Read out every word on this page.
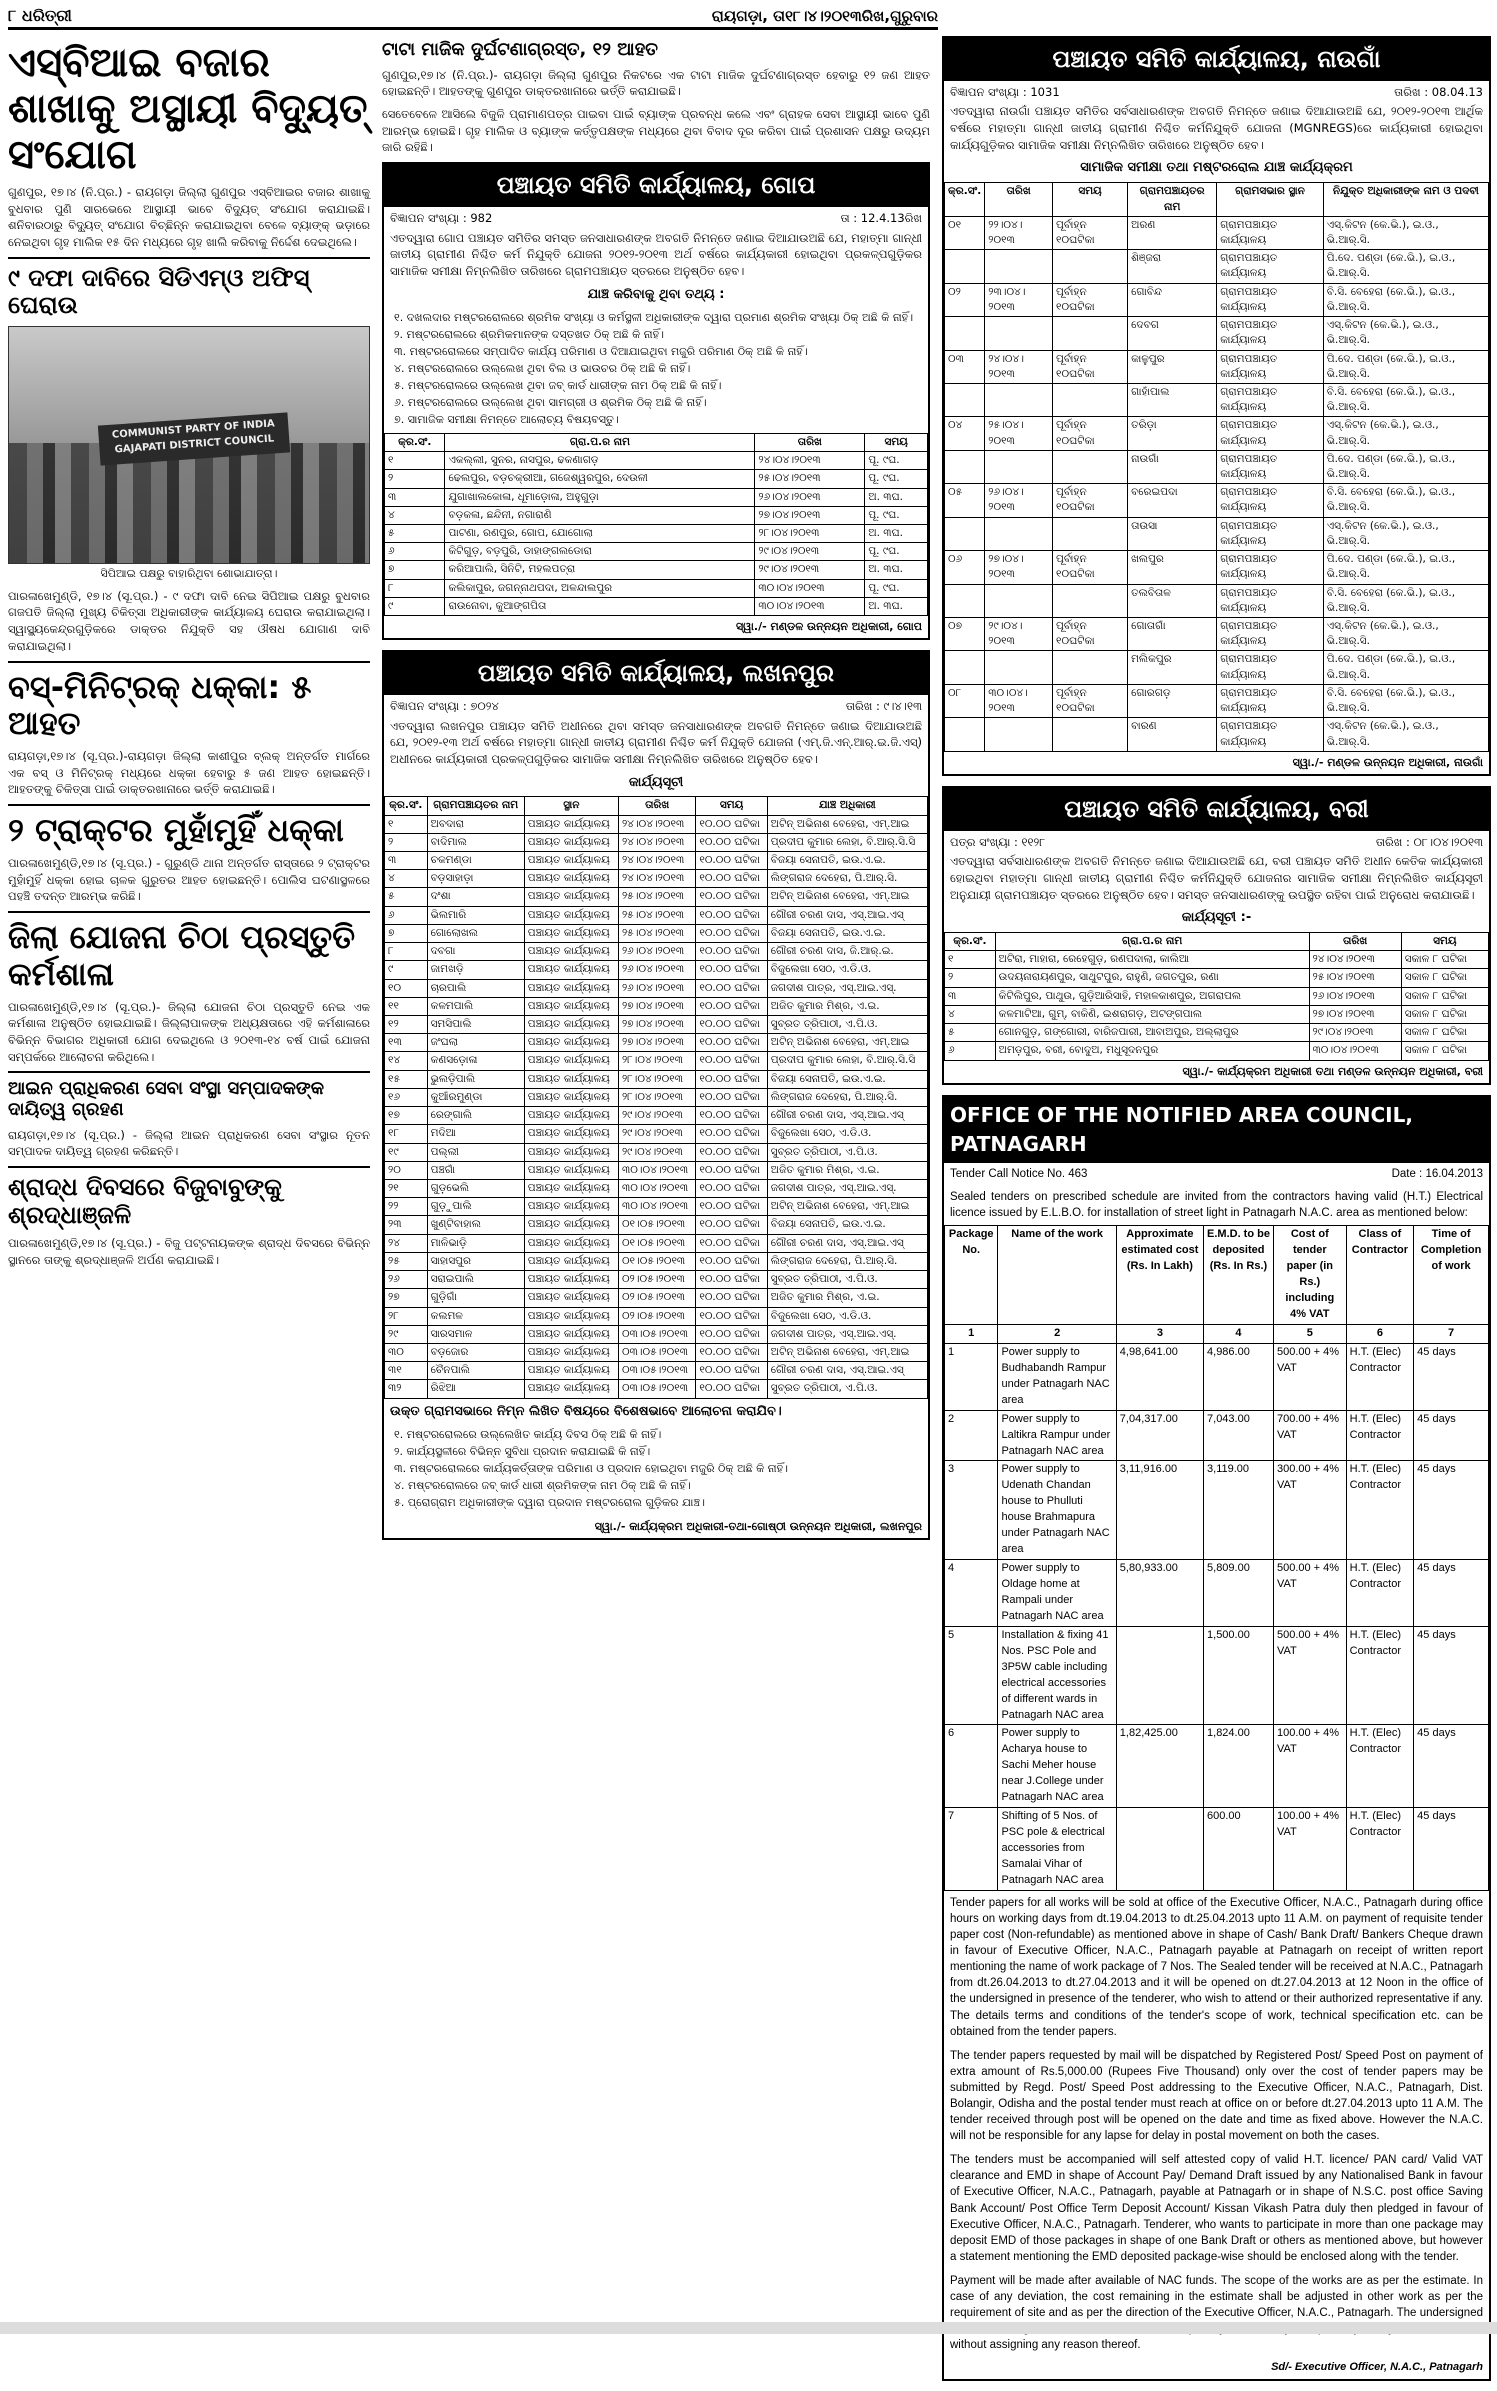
୮ ଧରିତ୍ରୀ	ରାୟଗଡ଼ା, ତା୧୮।୪।୨୦୧୩ରିଖ,ଗୁରୁବାର
ଏସ୍‌ବିଆଇ ବଜାର ଶାଖାକୁ ଅସ୍ଥାୟୀ ବିଦ୍ୟୁତ୍ ସଂଯୋଗ
ଗୁଣପୁର, ୧୭।୪ (ନି.ପ୍ର.) - ରାୟଗଡ଼ା ଜିଲ୍ଲା ଗୁଣପୁର ଏସ୍‌ବିଆଇର ବଜାର ଶାଖାକୁ ବୁଧବାର ପୁଣି ସାରଭେରେ ଆସ୍ଥାୟୀ ଭାବେ ବିଦ୍ୟୁତ୍ ସଂଯୋଗ କରାଯାଇଛି। ଶନିବାରଠାରୁ ବିଦ୍ୟୁତ୍ ସଂଯୋଗ ବିଚ୍ଛିନ୍ନ କରାଯାଇଥିବା ବେଳେ ବ୍ୟାଙ୍କ୍ ଭଡ଼ାରେ ନେଇଥିବା ଗୃହ ମାଲିକ ୧୫ ଦିନ ମଧ୍ୟରେ ଗୃହ ଖାଲି କରିବାକୁ ନିର୍ଦ୍ଦେଶ ଦେଇଥିଲେ।
୯ ଦଫା ଦାବିରେ ସିଡିଏମ୍‌ଓ ଅଫିସ୍ ଘେରାଉ
COMMUNIST PARTY OF INDIA GAJAPATI DISTRICT COUNCIL
ସିପିଆଇ ପକ୍ଷରୁ ବାହାରିଥିବା ଶୋଭାଯାତ୍ରା।
ପାରଳାଖେମୁଣ୍ଡି, ୧୭।୪ (ସୂ.ପ୍ର.) - ୯ ଦଫା ଦାବି ନେଇ ସିପିଆଇ ପକ୍ଷରୁ ବୁଧବାର ଗଜପତି ଜିଲ୍ଲା ମୁଖ୍ୟ ଚିକିତ୍ସା ଅଧିକାରୀଙ୍କ କାର୍ଯ୍ୟାଳୟ ଘେରାଉ କରାଯାଇଥିଲା। ସ୍ୱାସ୍ଥ୍ୟକେନ୍ଦ୍ରଗୁଡ଼ିକରେ ଡାକ୍ତର ନିଯୁକ୍ତି ସହ ଔଷଧ ଯୋଗାଣ ଦାବି କରାଯାଇଥିଲା।
ବସ୍-ମିନିଟ୍ରକ୍ ଧକ୍କା: ୫ ଆହତ
ରାୟଗଡ଼ା,୧୭।୪ (ସୂ.ପ୍ର.)-ରାୟଗଡ଼ା ଜିଲ୍ଲା କାଶୀପୁର ବ୍ଲକ୍ ଅନ୍ତର୍ଗତ ମାର୍ଗରେ ଏକ ବସ୍ ଓ ମିନିଟ୍ରକ୍ ମଧ୍ୟରେ ଧକ୍କା ହେବାରୁ ୫ ଜଣ ଆହତ ହୋଇଛନ୍ତି। ଆହତଙ୍କୁ ଚିକିତ୍ସା ପାଇଁ ଡାକ୍ତରଖାନାରେ ଭର୍ତ୍ତି କରାଯାଇଛି।
୨ ଟ୍ରାକ୍ଟର ମୁହାଁମୁହିଁ ଧକ୍କା
ପାରଳାଖେମୁଣ୍ଡି,୧୭।୪ (ସୂ.ପ୍ର.) - ଗୁରୁଣ୍ଡି ଥାନା ଅନ୍ତର୍ଗତ ରାସ୍ତାରେ ୨ ଟ୍ରାକ୍ଟର ମୁହାଁମୁହିଁ ଧକ୍କା ହୋଇ ଚାଳକ ଗୁରୁତର ଆହତ ହୋଇଛନ୍ତି। ପୋଲିସ ଘଟଣାସ୍ଥଳରେ ପହଞ୍ଚି ତଦନ୍ତ ଆରମ୍ଭ କରିଛି।
ଜିଲା ଯୋଜନା ଚିଠା ପ୍ରସ୍ତୁତି କର୍ମଶାଳା
ପାରଳାଖେମୁଣ୍ଡି,୧୭।୪ (ସୂ.ପ୍ର.)- ଜିଲ୍ଲା ଯୋଜନା ଚିଠା ପ୍ରସ୍ତୁତି ନେଇ ଏକ କର୍ମଶାଳା ଅନୁଷ୍ଠିତ ହୋଇଯାଇଛି। ଜିଲ୍ଲାପାଳଙ୍କ ଅଧ୍ୟକ୍ଷତାରେ ଏହି କର୍ମଶାଳାରେ ବିଭିନ୍ନ ବିଭାଗର ଅଧିକାରୀ ଯୋଗ ଦେଇଥିଲେ ଓ ୨୦୧୩-୧୪ ବର୍ଷ ପାଇଁ ଯୋଜନା ସମ୍ପର୍କରେ ଆଲୋଚନା କରିଥିଲେ।
ଆଇନ ପ୍ରାଧିକରଣ ସେବା ସଂସ୍ଥା ସମ୍ପାଦକଙ୍କ ଦାୟିତ୍ୱ ଗ୍ରହଣ
ରାୟଗଡ଼ା,୧୭।୪ (ସୂ.ପ୍ର.) - ଜିଲ୍ଲା ଆଇନ ପ୍ରାଧିକରଣ ସେବା ସଂସ୍ଥାର ନୂତନ ସମ୍ପାଦକ ଦାୟିତ୍ୱ ଗ୍ରହଣ କରିଛନ୍ତି।
ଶ୍ରାଦ୍ଧ ଦିବସରେ ବିଜୁବାବୁଙ୍କୁ ଶ୍ରଦ୍ଧାଞ୍ଜଳି
ପାରଳାଖେମୁଣ୍ଡି,୧୭।୪ (ସୂ.ପ୍ର.) - ବିଜୁ ପଟ୍ଟନାୟକଙ୍କ ଶ୍ରାଦ୍ଧ ଦିବସରେ ବିଭିନ୍ନ ସ୍ଥାନରେ ତାଙ୍କୁ ଶ୍ରଦ୍ଧାଞ୍ଜଳି ଅର୍ପଣ କରାଯାଇଛି।
ଟାଟା ମାଜିକ ଦୁର୍ଘଟଣାଗ୍ରସ୍ତ, ୧୨ ଆହତ
ଗୁଣପୁର,୧୭।୪ (ନି.ପ୍ର.)- ରାୟଗଡ଼ା ଜିଲ୍ଲା ଗୁଣପୁର ନିକଟରେ ଏକ ଟାଟା ମାଜିକ ଦୁର୍ଘଟଣାଗ୍ରସ୍ତ ହେବାରୁ ୧୨ ଜଣ ଆହତ ହୋଇଛନ୍ତି। ଆହତଙ୍କୁ ଗୁଣପୁର ଡାକ୍ତରଖାନାରେ ଭର୍ତ୍ତି କରାଯାଇଛି।
ସେତେବେଳେ ଆସିଲେ ବିଜୁଳି ପ୍ରାମାଣପତ୍ର ପାଇବା ପାଇଁ ବ୍ୟାଙ୍କ ପ୍ରବନ୍ଧ କଲେ ଏବଂ ଗ୍ରାହକ ସେବା ଆସ୍ଥାୟୀ ଭାବେ ପୁଣି ଆରମ୍ଭ ହୋଇଛି। ଗୃହ ମାଲିକ ଓ ବ୍ୟାଙ୍କ କର୍ତ୍ତୃପକ୍ଷଙ୍କ ମଧ୍ୟରେ ଥିବା ବିବାଦ ଦୂର କରିବା ପାଇଁ ପ୍ରଶାସନ ପକ୍ଷରୁ ଉଦ୍ୟମ ଜାରି ରହିଛି।
ପଞ୍ଚାୟତ ସମିତି କାର୍ଯ୍ୟାଳୟ, ଗୋପ
ବିଜ୍ଞାପନ ସଂଖ୍ୟା : 982	ତା : 12.4.13ରିଖ
ଏତଦ୍ୱାରା ଗୋପ ପଞ୍ଚାୟତ ସମିତିର ସମସ୍ତ ଜନସାଧାରଣଙ୍କ ଅବଗତି ନିମନ୍ତେ ଜଣାଇ ଦିଆଯାଉଅଛି ଯେ, ମହାତ୍ମା ଗାନ୍ଧୀ ଜାତୀୟ ଗ୍ରାମୀଣ ନିଶ୍ଚିତ କର୍ମ ନିଯୁକ୍ତି ଯୋଜନା ୨୦୧୨-୨୦୧୩ ଅର୍ଥ ବର୍ଷରେ କାର୍ଯ୍ୟକାରୀ ହୋଇଥିବା ପ୍ରକଳ୍ପଗୁଡ଼ିକର ସାମାଜିକ ସମୀକ୍ଷା ନିମ୍ନଲିଖିତ ତାରିଖରେ ଗ୍ରାମପଞ୍ଚାୟତ ସ୍ତରରେ ଅନୁଷ୍ଠିତ ହେବ।
ଯାଞ୍ଚ କରିବାକୁ ଥିବା ତଥ୍ୟ :
୧. ଦଖଲଦାର ମଷ୍ଟରରୋଲରେ ଶ୍ରମିକ ସଂଖ୍ୟା ଓ କର୍ମସ୍ଥଳୀ ଅଧିକାରୀଙ୍କ ଦ୍ୱାରା ପ୍ରମାଣ ଶ୍ରମିକ ସଂଖ୍ୟା ଠିକ୍ ଅଛି କି ନାହିଁ।
୨. ମଷ୍ଟରରୋଲରେ ଶ୍ରମିକମାନଙ୍କ ଦସ୍ତଖତ ଠିକ୍ ଅଛି କି ନାହିଁ।
୩. ମଷ୍ଟରରୋଲରେ ସମ୍ପାଦିତ କାର୍ଯ୍ୟ ପରିମାଣ ଓ ଦିଆଯାଇଥିବା ମଜୁରି ପରିମାଣ ଠିକ୍ ଅଛି କି ନାହିଁ।
୪. ମଷ୍ଟରରୋଲରେ ଉଲ୍ଲେଖ ଥିବା ବିଲ ଓ ଭାଉଚର ଠିକ୍ ଅଛି କି ନାହିଁ।
୫. ମଷ୍ଟରରୋଲରେ ଉଲ୍ଲେଖ ଥିବା ଜବ୍ କାର୍ଡ ଧାରୀଙ୍କ ନାମ ଠିକ୍ ଅଛି କି ନାହିଁ।
୬. ମଷ୍ଟରରୋଲରେ ଉଲ୍ଲେଖ ଥିବା ସାମଗ୍ରୀ ଓ ଶ୍ରମିକ ଠିକ୍ ଅଛି କି ନାହିଁ।
୭. ସାମାଜିକ ସମୀକ୍ଷା ନିମନ୍ତେ ଆଲୋଚ୍ୟ ବିଷୟବସ୍ତୁ।
କ୍ର.ସଂ.	ଗ୍ରା.ପ.ର ନାମ	ତାରିଖ	ସମୟ
୧	ଏକଲ୍ଲୀ, ସୁନର, ନାସପୁର, ଢକଣାଗଡ଼	୨୪।୦୪।୨୦୧୩	ପୂ. ୯ଘ.
୨	ଢେଲପୁର, ବଡ଼ଚକ୍ରୀଆ, ଗଜେଶ୍ୱରପୁର, ଦେଉଳୀ	୨୫।୦୪।୨୦୧୩	ପୂ. ୯ଘ.
୩	ଯୁଗାଖାଲକୋଳା, ଧୂମାଡ଼ୋଳା, ଅହୁଗୁଡ଼ା	୨୬।୦୪।୨୦୧୩	ଅ. ୩ଘ.
୪	ବଡ଼କଳା, ଛନ୍ଦିନୀ, ନଗାରାଣି	୨୭।୦୪।୨୦୧୩	ପୂ. ୯ଘ.
୫	ପାଟଣା, ରଣପୁର, ଗୋପ, ଯୋଗୋଲା	୨୮।୦୪।୨୦୧୩	ଅ. ୩ଘ.
୬	କିଟିଗୁଡ଼, ବଡ଼ପୁରି, ଡାହାଙ୍ଗଲଡୋରା	୨୯।୦୪।୨୦୧୩	ପୂ. ୯ଘ.
୭	କରିଆପାଲି, ସିନିଟି, ମହଲପତ୍ରା	୨୯।୦୪।୨୦୧୩	ଅ. ୩ଘ.
୮	କଲିକାପୁର, ଜଗନ୍ନାଥପଦା, ଅଳନ୍ଦାଲପୁର	୩୦।୦୪।୨୦୧୩	ପୂ. ୯ଘ.
୯	ରାଉନୋବା, କୁଆଙ୍ଗପିତା	୩୦।୦୪।୨୦୧୩	ଅ. ୩ଘ.
ସ୍ୱା./- ମଣ୍ଡଳ ଉନ୍ନୟନ ଅଧିକାରୀ, ଗୋପ
ପଞ୍ଚାୟତ ସମିତି କାର୍ଯ୍ୟାଳୟ, ଲଖନପୁର
ବିଜ୍ଞାପନ ସଂଖ୍ୟା : ୭୦୨୪	ତାରିଖ : ୯।୪।୧୩
ଏତଦ୍ୱାରା ଲଖନପୁର ପଞ୍ଚାୟତ ସମିତି ଅଧୀନରେ ଥିବା ସମସ୍ତ ଜନସାଧାରଣଙ୍କ ଅବଗତି ନିମନ୍ତେ ଜଣାଇ ଦିଆଯାଉଅଛି ଯେ, ୨୦୧୨-୧୩ ଅର୍ଥ ବର୍ଷରେ ମହାତ୍ମା ଗାନ୍ଧୀ ଜାତୀୟ ଗ୍ରାମୀଣ ନିଶ୍ଚିତ କର୍ମ ନିଯୁକ୍ତି ଯୋଜନା (ଏମ୍.ଜି.ଏନ୍.ଆର୍.ଇ.ଜି.ଏସ୍) ଅଧୀନରେ କାର୍ଯ୍ୟକାରୀ ପ୍ରକଳ୍ପଗୁଡ଼ିକର ସାମାଜିକ ସମୀକ୍ଷା ନିମ୍ନଲିଖିତ ତାରିଖରେ ଅନୁଷ୍ଠିତ ହେବ।
କାର୍ଯ୍ୟସୂଚୀ
କ୍ର.ସଂ.	ଗ୍ରାମପଞ୍ଚାୟତର ନାମ	ସ୍ଥାନ	ତାରିଖ	ସମୟ	ଯାଞ୍ଚ ଅଧିକାରୀ
୧	ଅବଦାରା	ପଞ୍ଚାୟତ କାର୍ଯ୍ୟାଳୟ	୨୪।୦୪।୨୦୧୩	୧୦.୦୦ ଘଟିକା	ଅଟିନ୍ ଅଭିନାଶ ବେହେରା, ଏମ୍.ଆଇ
୨	ବାଦିମାଲ	ପଞ୍ଚାୟତ କାର୍ଯ୍ୟାଳୟ	୨୪।୦୪।୨୦୧୩	୧୦.୦୦ ଘଟିକା	ପ୍ରଦୀପ କୁମାର ଲେହା, ବି.ଆର୍.ସି.ସି
୩	ଚକମଣ୍ଡା	ପଞ୍ଚାୟତ କାର୍ଯ୍ୟାଳୟ	୨୪।୦୪।୨୦୧୩	୧୦.୦୦ ଘଟିକା	ବିଜୟା ସେନାପତି, ଇଉ.ଏ.ଇ.
୪	ବଡ଼ସାହାଡ଼ା	ପଞ୍ଚାୟତ କାର୍ଯ୍ୟାଳୟ	୨୪।୦୪।୨୦୧୩	୧୦.୦୦ ଘଟିକା	ଲିଙ୍ଗରାଜ ଦେହେରା, ପି.ଆର୍.ସି.
୫	ଦଂଶା	ପଞ୍ଚାୟତ କାର୍ଯ୍ୟାଳୟ	୨୫।୦୪।୨୦୧୩	୧୦.୦୦ ଘଟିକା	ଅଟିନ୍ ଅଭିନାଶ ବେହେରା, ଏମ୍.ଆଇ
୬	ଭିଲମାରି	ପଞ୍ଚାୟତ କାର୍ଯ୍ୟାଳୟ	୨୫।୦୪।୨୦୧୩	୧୦.୦୦ ଘଟିକା	ଗୌରୀ ଚରଣ ଦାସ, ଏସ୍.ଆଇ.ଏସ୍
୭	ଗୋଲୋଖଲ	ପଞ୍ଚାୟତ କାର୍ଯ୍ୟାଳୟ	୨୫।୦୪।୨୦୧୩	୧୦.୦୦ ଘଟିକା	ବିଜୟା ସେନାପତି, ଇଉ.ଏ.ଇ.
୮	ଦବଗା	ପଞ୍ଚାୟତ କାର୍ଯ୍ୟାଳୟ	୨୬।୦୪।୨୦୧୩	୧୦.୦୦ ଘଟିକା	ଗୌରୀ ଚରଣ ଦାସ, ଜି.ଆର୍.ଇ.
୯	ଜାମଖଡ଼ି	ପଞ୍ଚାୟତ କାର୍ଯ୍ୟାଳୟ	୨୬।୦୪।୨୦୧୩	୧୦.୦୦ ଘଟିକା	ବିଜୁଲେଖା ସେଠ, ଏ.ଡି.ଓ.
୧୦	ଚାରପାଲି	ପଞ୍ଚାୟତ କାର୍ଯ୍ୟାଳୟ	୨୬।୦୪।୨୦୧୩	୧୦.୦୦ ଘଟିକା	ଜଗଦୀଶ ପାତ୍ର, ଏସ୍.ଆଇ.ଏସ୍.
୧୧	କଳମପାଲି	ପଞ୍ଚାୟତ କାର୍ଯ୍ୟାଳୟ	୨୭।୦୪।୨୦୧୩	୧୦.୦୦ ଘଟିକା	ଅଜିତ କୁମାର ମିଶ୍ର, ଏ.ଇ.
୧୨	ସମସିପାଲି	ପଞ୍ଚାୟତ କାର୍ଯ୍ୟାଳୟ	୨୭।୦୪।୨୦୧୩	୧୦.୦୦ ଘଟିକା	ସୁବ୍ରତ ତ୍ରିପାଠୀ, ଏ.ପି.ଓ.
୧୩	ଜଂଘଲା	ପଞ୍ଚାୟତ କାର୍ଯ୍ୟାଳୟ	୨୭।୦୪।୨୦୧୩	୧୦.୦୦ ଘଟିକା	ଅଟିନ୍ ଅଭିନାଶ ବେହେରା, ଏମ୍.ଆଇ
୧୪	କଣସଡ଼ୋଳା	ପଞ୍ଚାୟତ କାର୍ଯ୍ୟାଳୟ	୨୮।୦୪।୨୦୧୩	୧୦.୦୦ ଘଟିକା	ପ୍ରଦୀପ କୁମାର ଲେହା, ବି.ଆର୍.ସି.ସି
୧୫	ଭୁଲଡ଼ିପାଲି	ପଞ୍ଚାୟତ କାର୍ଯ୍ୟାଳୟ	୨୮।୦୪।୨୦୧୩	୧୦.୦୦ ଘଟିକା	ବିଜୟା ସେନାପତି, ଇଉ.ଏ.ଇ.
୧୬	କୁଆଁରମୁଣ୍ଡା	ପଞ୍ଚାୟତ କାର୍ଯ୍ୟାଳୟ	୨୮।୦୪।୨୦୧୩	୧୦.୦୦ ଘଟିକା	ଲିଙ୍ଗରାଜ ଦେହେରା, ପି.ଆର୍.ସି.
୧୭	ରେଙ୍ଗାଲି	ପଞ୍ଚାୟତ କାର୍ଯ୍ୟାଳୟ	୨୯।୦୪।୨୦୧୩	୧୦.୦୦ ଘଟିକା	ଗୌରୀ ଚରଣ ଦାସ, ଏସ୍.ଆଇ.ଏସ୍
୧୮	ମଦିଆ	ପଞ୍ଚାୟତ କାର୍ଯ୍ୟାଳୟ	୨୯।୦୪।୨୦୧୩	୧୦.୦୦ ଘଟିକା	ବିଜୁଲେଖା ସେଠ, ଏ.ଡି.ଓ.
୧୯	ପଲ୍ଲୀ	ପଞ୍ଚାୟତ କାର୍ଯ୍ୟାଳୟ	୨୯।୦୪।୨୦୧୩	୧୦.୦୦ ଘଟିକା	ସୁବ୍ରତ ତ୍ରିପାଠୀ, ଏ.ପି.ଓ.
୨୦	ପଞ୍ଚଗାଁ	ପଞ୍ଚାୟତ କାର୍ଯ୍ୟାଳୟ	୩୦।୦୪।୨୦୧୩	୧୦.୦୦ ଘଟିକା	ଅଜିତ କୁମାର ମିଶ୍ର, ଏ.ଇ.
୨୧	ଗୁଡ଼ଭେଲି	ପଞ୍ଚାୟତ କାର୍ଯ୍ୟାଳୟ	୩୦।୦୪।୨୦୧୩	୧୦.୦୦ ଘଟିକା	ଜଗଦୀଶ ପାତ୍ର, ଏସ୍.ଆଇ.ଏସ୍.
୨୨	ଗୁଡ଼ୁପାଲି	ପଞ୍ଚାୟତ କାର୍ଯ୍ୟାଳୟ	୩୦।୦୪।୨୦୧୩	୧୦.୦୦ ଘଟିକା	ଅଟିନ୍ ଅଭିନାଶ ବେହେରା, ଏମ୍.ଆଇ
୨୩	ଖୁଣ୍ଟିବାହାଲ	ପଞ୍ଚାୟତ କାର୍ଯ୍ୟାଳୟ	୦୧।୦୫।୨୦୧୩	୧୦.୦୦ ଘଟିକା	ବିଜୟା ସେନାପତି, ଇଉ.ଏ.ଇ.
୨୪	ମାଳିଭାଡ଼ି	ପଞ୍ଚାୟତ କାର୍ଯ୍ୟାଳୟ	୦୧।୦୫।୨୦୧୩	୧୦.୦୦ ଘଟିକା	ଗୌରୀ ଚରଣ ଦାସ, ଏସ୍.ଆଇ.ଏସ୍
୨୫	ସାହାସପୁର	ପଞ୍ଚାୟତ କାର୍ଯ୍ୟାଳୟ	୦୧।୦୫।୨୦୧୩	୧୦.୦୦ ଘଟିକା	ଲିଙ୍ଗରାଜ ଦେହେରା, ପି.ଆର୍.ସି.
୨୬	ସରାଇପାଲି	ପଞ୍ଚାୟତ କାର୍ଯ୍ୟାଳୟ	୦୨।୦୫।୨୦୧୩	୧୦.୦୦ ଘଟିକା	ସୁବ୍ରତ ତ୍ରିପାଠୀ, ଏ.ପି.ଓ.
୨୭	ଗୁଡ଼ିଗାଁ	ପଞ୍ଚାୟତ କାର୍ଯ୍ୟାଳୟ	୦୨।୦୫।୨୦୧୩	୧୦.୦୦ ଘଟିକା	ଅଜିତ କୁମାର ମିଶ୍ର, ଏ.ଇ.
୨୮	କଲମଳ	ପଞ୍ଚାୟତ କାର୍ଯ୍ୟାଳୟ	୦୨।୦୫।୨୦୧୩	୧୦.୦୦ ଘଟିକା	ବିଜୁଲେଖା ସେଠ, ଏ.ଡି.ଓ.
୨୯	ସାରସମାଳ	ପଞ୍ଚାୟତ କାର୍ଯ୍ୟାଳୟ	୦୩।୦୫।୨୦୧୩	୧୦.୦୦ ଘଟିକା	ଜଗଦୀଶ ପାତ୍ର, ଏସ୍.ଆଇ.ଏସ୍.
୩୦	ବଡ଼ଜୋର	ପଞ୍ଚାୟତ କାର୍ଯ୍ୟାଳୟ	୦୩।୦୫।୨୦୧୩	୧୦.୦୦ ଘଟିକା	ଅଟିନ୍ ଅଭିନାଶ ବେହେରା, ଏମ୍.ଆଇ
୩୧	ଚୈନପାଲି	ପଞ୍ଚାୟତ କାର୍ଯ୍ୟାଳୟ	୦୩।୦୫।୨୦୧୩	୧୦.୦୦ ଘଟିକା	ଗୌରୀ ଚରଣ ଦାସ, ଏସ୍.ଆଇ.ଏସ୍
୩୨	ରିଝିଆ	ପଞ୍ଚାୟତ କାର୍ଯ୍ୟାଳୟ	୦୩।୦୫।୨୦୧୩	୧୦.୦୦ ଘଟିକା	ସୁବ୍ରତ ତ୍ରିପାଠୀ, ଏ.ପି.ଓ.
ଉକ୍ତ ଗ୍ରାମସଭାରେ ନିମ୍ନ ଲିଖିତ ବିଷୟରେ ବିଶେଷଭାବେ ଆଲୋଚନା କରାଯିବ।
୧. ମଷ୍ଟରରୋଲରେ ଉଲ୍ଲେଖିତ କାର୍ଯ୍ୟ ଦିବସ ଠିକ୍ ଅଛି କି ନାହିଁ।
୨. କାର୍ଯ୍ୟସ୍ଥଳୀରେ ବିଭିନ୍ନ ସୁବିଧା ପ୍ରଦାନ କରାଯାଇଛି କି ନାହିଁ।
୩. ମଷ୍ଟରରୋଲରେ କାର୍ଯ୍ୟକର୍ତ୍ତାଙ୍କ ପରିମାଣ ଓ ପ୍ରଦାନ ହୋଇଥିବା ମଜୁରି ଠିକ୍ ଅଛି କି ନାହିଁ।
୪. ମଷ୍ଟରରୋଲରେ ଜବ୍ କାର୍ଡ ଧାରୀ ଶ୍ରମିକଙ୍କ ନାମ ଠିକ୍ ଅଛି କି ନାହିଁ।
୫. ପ୍ରୋଗ୍ରାମ ଅଧିକାରୀଙ୍କ ଦ୍ୱାରା ପ୍ରଦାନ ମଷ୍ଟରରୋଲ ଗୁଡ଼ିକର ଯାଞ୍ଚ।
ସ୍ୱା./- କାର୍ଯ୍ୟକ୍ରମ ଅଧିକାରୀ-ତଥା-ଗୋଷ୍ଠୀ ଉନ୍ନୟନ ଅଧିକାରୀ, ଲଖନପୁର
ପଞ୍ଚାୟତ ସମିତି କାର୍ଯ୍ୟାଳୟ, ନାଉଗାଁ
ବିଜ୍ଞାପନ ସଂଖ୍ୟା : 1031	ତାରିଖ : 08.04.13
ଏତଦ୍ୱାରା ନାଉଗାଁ ପଞ୍ଚାୟତ ସମିତିର ସର୍ବସାଧାରଣଙ୍କ ଅବଗତି ନିମନ୍ତେ ଜଣାଇ ଦିଆଯାଉଅଛି ଯେ, ୨୦୧୨-୨୦୧୩ ଆର୍ଥିକ ବର୍ଷରେ ମହାତ୍ମା ଗାନ୍ଧୀ ଜାତୀୟ ଗ୍ରାମୀଣ ନିଶ୍ଚିତ କର୍ମନିଯୁକ୍ତି ଯୋଜନା (MGNREGS)ରେ କାର୍ଯ୍ୟକାରୀ ହୋଇଥିବା କାର୍ଯ୍ୟଗୁଡ଼ିକର ସାମାଜିକ ସମୀକ୍ଷା ନିମ୍ନଲିଖିତ ତାରିଖରେ ଅନୁଷ୍ଠିତ ହେବ।
ସାମାଜିକ ସମୀକ୍ଷା ତଥା ମଷ୍ଟରରୋଲ ଯାଞ୍ଚ କାର୍ଯ୍ୟକ୍ରମ
କ୍ର.ସଂ.	ତାରିଖ	ସମୟ	ଗ୍ରାମପଞ୍ଚାୟତର ନାମ	ଗ୍ରାମସଭାର ସ୍ଥାନ	ନିଯୁକ୍ତ ଅଧିକାରୀଙ୍କ ନାମ ଓ ପଦବୀ
୦୧	୨୨।୦୪।୨୦୧୩	ପୂର୍ବାହ୍ନ ୧୦ଘଟିକା	ଅରଣ	ଗ୍ରାମପଞ୍ଚାୟତ କାର୍ଯ୍ୟାଳୟ	ଏସ୍.କିଟନ (କେ.ଭି.), ଇ.ଓ., ଭି.ଆର୍.ସି.
			ଶିଞ୍ଜରା	ଗ୍ରାମପଞ୍ଚାୟତ କାର୍ଯ୍ୟାଳୟ	ପି.ଦେ. ପଣ୍ଡା (କେ.ଭି.), ଇ.ଓ., ଭି.ଆର୍.ସି.
୦୨	୨୩।୦୪।୨୦୧୩	ପୂର୍ବାହ୍ନ ୧୦ଘଟିକା	ଗୋବିନ୍ଦ	ଗ୍ରାମପଞ୍ଚାୟତ କାର୍ଯ୍ୟାଳୟ	ବି.ସି. ବେହେରା (କେ.ଭି.), ଇ.ଓ., ଭି.ଆର୍.ସି.
			ଦେବଗ	ଗ୍ରାମପଞ୍ଚାୟତ କାର୍ଯ୍ୟାଳୟ	ଏସ୍.କିଟନ (କେ.ଭି.), ଇ.ଓ., ଭି.ଆର୍.ସି.
୦୩	୨୪।୦୪।୨୦୧୩	ପୂର୍ବାହ୍ନ ୧୦ଘଟିକା	କାଳୁପୁର	ଗ୍ରାମପଞ୍ଚାୟତ କାର୍ଯ୍ୟାଳୟ	ପି.ଦେ. ପଣ୍ଡା (କେ.ଭି.), ଇ.ଓ., ଭି.ଆର୍.ସି.
			ଗାହାଁପାଲ	ଗ୍ରାମପଞ୍ଚାୟତ କାର୍ଯ୍ୟାଳୟ	ବି.ସି. ବେହେରା (କେ.ଭି.), ଇ.ଓ., ଭି.ଆର୍.ସି.
୦୪	୨୫।୦୪।୨୦୧୩	ପୂର୍ବାହ୍ନ ୧୦ଘଟିକା	ତରିଡ଼ା	ଗ୍ରାମପଞ୍ଚାୟତ କାର୍ଯ୍ୟାଳୟ	ଏସ୍.କିଟନ (କେ.ଭି.), ଇ.ଓ., ଭି.ଆର୍.ସି.
			ନାଉଗାଁ	ଗ୍ରାମପଞ୍ଚାୟତ କାର୍ଯ୍ୟାଳୟ	ପି.ଦେ. ପଣ୍ଡା (କେ.ଭି.), ଇ.ଓ., ଭି.ଆର୍.ସି.
୦୫	୨୬।୦୪।୨୦୧୩	ପୂର୍ବାହ୍ନ ୧୦ଘଟିକା	ବରେଇପଦା	ଗ୍ରାମପଞ୍ଚାୟତ କାର୍ଯ୍ୟାଳୟ	ବି.ସି. ବେହେରା (କେ.ଭି.), ଇ.ଓ., ଭି.ଆର୍.ସି.
			ତାଉସା	ଗ୍ରାମପଞ୍ଚାୟତ କାର୍ଯ୍ୟାଳୟ	ଏସ୍.କିଟନ (କେ.ଭି.), ଇ.ଓ., ଭି.ଆର୍.ସି.
୦୬	୨୭।୦୪।୨୦୧୩	ପୂର୍ବାହ୍ନ ୧୦ଘଟିକା	ଖଲପୁର	ଗ୍ରାମପଞ୍ଚାୟତ କାର୍ଯ୍ୟାଳୟ	ପି.ଦେ. ପଣ୍ଡା (କେ.ଭି.), ଇ.ଓ., ଭି.ଆର୍.ସି.
			ତଲବିତାଳ	ଗ୍ରାମପଞ୍ଚାୟତ କାର୍ଯ୍ୟାଳୟ	ବି.ସି. ବେହେରା (କେ.ଭି.), ଇ.ଓ., ଭି.ଆର୍.ସି.
୦୭	୨୯।୦୪।୨୦୧୩	ପୂର୍ବାହ୍ନ ୧୦ଘଟିକା	ଗୋତାଗାଁ	ଗ୍ରାମପଞ୍ଚାୟତ କାର୍ଯ୍ୟାଳୟ	ଏସ୍.କିଟନ (କେ.ଭି.), ଇ.ଓ., ଭି.ଆର୍.ସି.
			ମଲିକପୁର	ଗ୍ରାମପଞ୍ଚାୟତ କାର୍ଯ୍ୟାଳୟ	ପି.ଦେ. ପଣ୍ଡା (କେ.ଭି.), ଇ.ଓ., ଭି.ଆର୍.ସି.
୦୮	୩୦।୦୪।୨୦୧୩	ପୂର୍ବାହ୍ନ ୧୦ଘଟିକା	ଗୋରଗଡ଼	ଗ୍ରାମପଞ୍ଚାୟତ କାର୍ଯ୍ୟାଳୟ	ବି.ସି. ବେହେରା (କେ.ଭି.), ଇ.ଓ., ଭି.ଆର୍.ସି.
			ବାରଣ	ଗ୍ରାମପଞ୍ଚାୟତ କାର୍ଯ୍ୟାଳୟ	ଏସ୍.କିଟନ (କେ.ଭି.), ଇ.ଓ., ଭି.ଆର୍.ସି.
ସ୍ୱା./- ମଣ୍ଡଳ ଉନ୍ନୟନ ଅଧିକାରୀ, ନାଉଗାଁ
ପଞ୍ଚାୟତ ସମିତି କାର୍ଯ୍ୟାଳୟ, ବରୀ
ପତ୍ର ସଂଖ୍ୟା : ୧୧୨୮	ତାରିଖ : ୦୮।୦୪।୨୦୧୩
ଏତଦ୍ୱାରା ସର୍ବସାଧାରଣଙ୍କ ଅବଗତି ନିମନ୍ତେ ଜଣାଇ ଦିଆଯାଉଅଛି ଯେ, ବରୀ ପଞ୍ଚାୟତ ସମିତି ଅଧୀନ କେତିକ କାର୍ଯ୍ୟକାରୀ ହୋଇଥିବା ମହାତ୍ମା ଗାନ୍ଧୀ ଜାତୀୟ ଗ୍ରାମୀଣ ନିଶ୍ଚିତ କର୍ମନିଯୁକ୍ତି ଯୋଜନାର ସାମାଜିକ ସମୀକ୍ଷା ନିମ୍ନଲିଖିତ କାର୍ଯ୍ୟସୂଚୀ ଅନୁଯାୟୀ ଗ୍ରାମପଞ୍ଚାୟତ ସ୍ତରରେ ଅନୁଷ୍ଠିତ ହେବ। ସମସ୍ତ ଜନସାଧାରଣଙ୍କୁ ଉପସ୍ଥିତ ରହିବା ପାଇଁ ଅନୁରୋଧ କରାଯାଉଛି।
କାର୍ଯ୍ୟସୂଚୀ :-
କ୍ର.ସଂ.	ଗ୍ରା.ପ.ର ନାମ	ତାରିଖ	ସମୟ
୧	ଅଟିରା, ମାହାରା, ରେହେଗୁଡ଼, ରଣପଦାଲା, କାଲିଆ	୨୪।୦୪।୨୦୧୩	ସକାଳ ୮ ଘଟିକା
୨	ଉଦୟନାରାୟଣପୁର, ସାଥୁଟପୁର, ରାହୁଣି, ଜଗତପୁର, ରଣା	୨୫।୦୪।୨୦୧୩	ସକାଳ ୮ ଘଟିକା
୩	କିଟିଲିପୁର, ପାଥୁଉ, ଗୁଡ଼ିଆରିସାହି, ମହାଳକାଶପୁର, ଅଗରାପଲ	୨୬।୦୪।୨୦୧୩	ସକାଳ ୮ ଘଟିକା
୪	କଳମାଟିଆ, ଗୁମ୍, ବାକିଣି, ଇଶରାଗଡ଼, ଅଟଙ୍ଗପାଲ	୨୭।୦୪।୨୦୧୩	ସକାଳ ୮ ଘଟିକା
୫	ଗୋନଗୁଡ଼, ଗଙ୍ଗୋରୀ, ବାରିଜପାରୀ, ଆବାଅପୁର, ଅଲ୍ଲାପୁର	୨୯।୦୪।୨୦୧୩	ସକାଳ ୮ ଘଟିକା
୬	ଅମଡ଼ପୁର, ବରୀ, ବୋଦୁଅ, ମଧୁସୂଦନପୁର	୩୦।୦୪।୨୦୧୩	ସକାଳ ୮ ଘଟିକା
ସ୍ୱା./- କାର୍ଯ୍ୟକ୍ରମ ଅଧିକାରୀ ତଥା ମଣ୍ଡଳ ଉନ୍ନୟନ ଅଧିକାରୀ, ବରୀ
OFFICE OF THE NOTIFIED AREA COUNCIL, PATNAGARH
Tender Call Notice No. 463	Date : 16.04.2013
Sealed tenders on prescribed schedule are invited from the contractors having valid (H.T.) Electrical licence issued by E.L.B.O. for installation of street light in Patnagarh N.A.C. area as mentioned below:
Package No.	Name of the work	Approximate estimated cost (Rs. In Lakh)	E.M.D. to be deposited (Rs. In Rs.)	Cost of tender paper (in Rs.) including 4% VAT	Class of Contractor	Time of Completion of work
1	2	3	4	5	6	7
1	Power supply to Budhabandh Rampur under Patnagarh NAC area	4,98,641.00	4,986.00	500.00 + 4% VAT	H.T. (Elec) Contractor	45 days
2	Power supply to Laltikra Rampur under Patnagarh NAC area	7,04,317.00	7,043.00	700.00 + 4% VAT	H.T. (Elec) Contractor	45 days
3	Power supply to Udenath Chandan house to Phulluti house Brahmapura under Patnagarh NAC area	3,11,916.00	3,119.00	300.00 + 4% VAT	H.T. (Elec) Contractor	45 days
4	Power supply to Oldage home at Rampali under Patnagarh NAC area	5,80,933.00	5,809.00	500.00 + 4% VAT	H.T. (Elec) Contractor	45 days
5	Installation & fixing 41 Nos. PSC Pole and 3P5W cable including electrical accessories of different wards in Patnagarh NAC area		1,500.00	500.00 + 4% VAT	H.T. (Elec) Contractor	45 days
6	Power supply to Acharya house to Sachi Meher house near J.College under Patnagarh NAC area	1,82,425.00	1,824.00	100.00 + 4% VAT	H.T. (Elec) Contractor	45 days
7	Shifting of 5 Nos. of PSC pole & electrical accessories from Samalai Vihar of Patnagarh NAC area		600.00	100.00 + 4% VAT	H.T. (Elec) Contractor	45 days
Tender papers for all works will be sold at office of the Executive Officer, N.A.C., Patnagarh during office hours on working days from dt.19.04.2013 to dt.25.04.2013 upto 11 A.M. on payment of requisite tender paper cost (Non-refundable) as mentioned above in shape of Cash/ Bank Draft/ Bankers Cheque drawn in favour of Executive Officer, N.A.C., Patnagarh payable at Patnagarh on receipt of written report mentioning the name of work package of 7 Nos. The Sealed tender will be received at N.A.C., Patnagarh from dt.26.04.2013 to dt.27.04.2013 and it will be opened on dt.27.04.2013 at 12 Noon in the office of the undersigned in presence of the tenderer, who wish to attend or their authorized representative if any. The details terms and conditions of the tender's scope of work, technical specification etc. can be obtained from the tender papers.
The tender papers requested by mail will be dispatched by Registered Post/ Speed Post on payment of extra amount of Rs.5,000.00 (Rupees Five Thousand) only over the cost of tender papers may be submitted by Regd. Post/ Speed Post addressing to the Executive Officer, N.A.C., Patnagarh, Dist. Bolangir, Odisha and the postal tender must reach at office on or before dt.27.04.2013 upto 11 A.M. The tender received through post will be opened on the date and time as fixed above. However the N.A.C. will not be responsible for any lapse for delay in postal movement on both the cases.
The tenders must be accompanied will self attested copy of valid H.T. licence/ PAN card/ Valid VAT clearance and EMD in shape of Account Pay/ Demand Draft issued by any Nationalised Bank in favour of Executive Officer, N.A.C., Patnagarh, payable at Patnagarh or in shape of N.S.C. post office Saving Bank Account/ Post Office Term Deposit Account/ Kissan Vikash Patra duly then pledged in favour of Executive Officer, N.A.C., Patnagarh. Tenderer, who wants to participate in more than one package may deposit EMD of those packages in shape of one Bank Draft or others as mentioned above, but however a statement mentioning the EMD deposited package-wise should be enclosed along with the tender.
Payment will be made after available of NAC funds. The scope of the works are as per the estimate. In case of any deviation, the cost remaining in the estimate shall be adjusted in other work as per the requirement of site and as per the direction of the Executive Officer, N.A.C., Patnagarh. The undersigned without assigning any reason thereof.
Sd/- Executive Officer, N.A.C., Patnagarh
